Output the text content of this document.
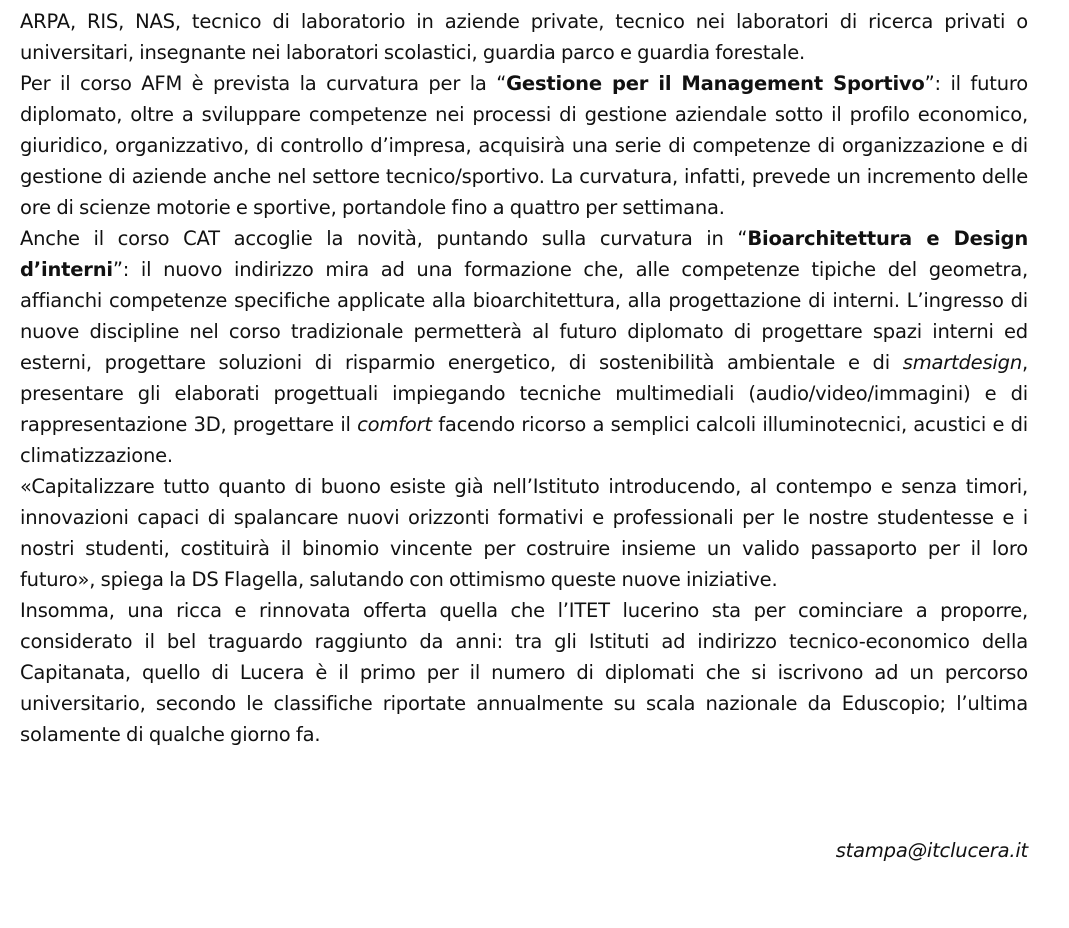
ARPA, RIS, NAS, tecnico di laboratorio in aziende private, tecnico nei laboratori di ricerca privati o universitari, insegnante nei laboratori scolastici, guardia parco e guardia forestale.

Per il corso AFM è prevista la curvatura per la “Gestione per il Management Sportivo”: il futuro diplomato, oltre a sviluppare competenze nei processi di gestione aziendale sotto il profilo economico, giuridico, organizzativo, di controllo d’impresa, acquisirà una serie di competenze di organizzazione e di gestione di aziende anche nel settore tecnico/sportivo. La curvatura, infatti, prevede un incremento delle ore di scienze motorie e sportive, portandole fino a quattro per settimana.

Anche il corso CAT accoglie la novità, puntando sulla curvatura in “Bioarchitettura e Design d’interni”: il nuovo indirizzo mira ad una formazione che, alle competenze tipiche del geometra, affianchi competenze specifiche applicate alla bioarchitettura, alla progettazione di interni. L’ingresso di nuove discipline nel corso tradizionale permetterà al futuro diplomato di progettare spazi interni ed esterni, progettare soluzioni di risparmio energetico, di sostenibilità ambientale e di smartdesign, presentare gli elaborati progettuali impiegando tecniche multimediali (audio/video/immagini) e di rappresentazione 3D, progettare il comfort facendo ricorso a semplici calcoli illuminotecnici, acustici e di climatizzazione.

«Capitalizzare tutto quanto di buono esiste già nell’Istituto introducendo, al contempo e senza timori, innovazioni capaci di spalancare nuovi orizzonti formativi e professionali per le nostre studentesse e i nostri studenti, costituirà il binomio vincente per costruire insieme un valido passaporto per il loro futuro», spiega la DS Flagella, salutando con ottimismo queste nuove iniziative.

Insomma, una ricca e rinnovata offerta quella che l’ITET lucerino sta per cominciare a proporre, considerato il bel traguardo raggiunto da anni: tra gli Istituti ad indirizzo tecnico-economico della Capitanata, quello di Lucera è il primo per il numero di diplomati che si iscrivono ad un percorso universitario, secondo le classifiche riportate annualmente su scala nazionale da Eduscopio; l’ultima solamente di qualche giorno fa.

stampa@itclucera.it
